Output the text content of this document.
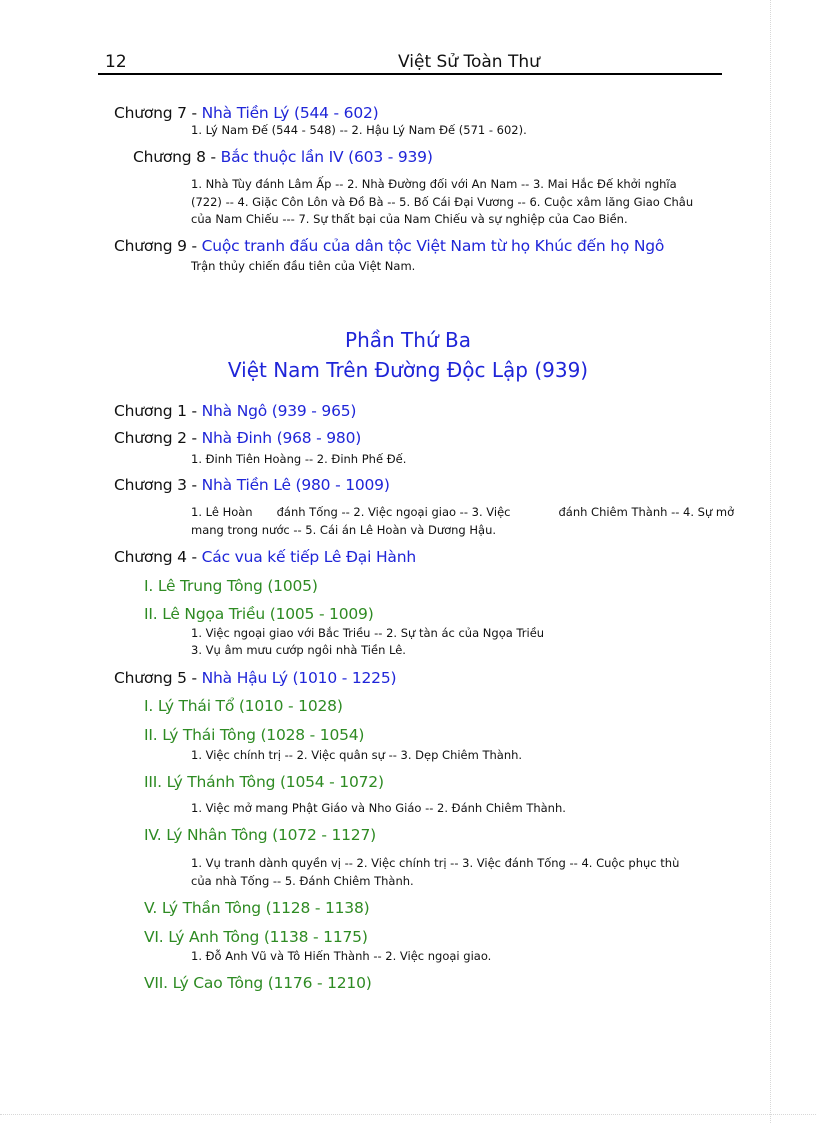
12	Việt Sử Toàn Thư
Chương 7 - Nhà Tiền Lý (544 - 602)
1. Lý Nam Đế (544 - 548) -- 2. Hậu Lý Nam Đế (571 - 602).
Chương 8 - Bắc thuộc lần IV (603 - 939)
1. Nhà Tùy đánh Lâm Ấp -- 2. Nhà Đường đối với An Nam -- 3. Mai Hắc Đế khởi nghĩa
(722) -- 4. Giặc Côn Lôn và Đồ Bà -- 5. Bố Cái Đại Vương -- 6. Cuộc xâm lăng Giao Châu
của Nam Chiếu --- 7. Sự thất bại của Nam Chiếu và sự nghiệp của Cao Biền.
Chương 9 - Cuộc tranh đấu của dân tộc Việt Nam từ họ Khúc đến họ Ngô
Trận thủy chiến đầu tiên của Việt Nam.
Phần Thứ Ba
Việt Nam Trên Đường Độc Lập (939)
Chương 1 - Nhà Ngô (939 - 965)
Chương 2 - Nhà Đinh (968 - 980)
1. Đinh Tiên Hoàng -- 2. Đinh Phế Đế.
Chương 3 - Nhà Tiền Lê (980 - 1009)
1. Lê Hoàn đánh Tống -- 2. Việc ngoại giao -- 3. Việc	đánh Chiêm Thành -- 4. Sự mở
mang trong nước -- 5. Cái án Lê Hoàn và Dương Hậu.
Chương 4 - Các vua kế tiếp Lê Đại Hành
I. Lê Trung Tông (1005)
II. Lê Ngọa Triều (1005 - 1009)
1. Việc ngoại giao với Bắc Triều -- 2. Sự tàn ác của Ngọa Triều
3. Vụ âm mưu cướp ngôi nhà Tiền Lê.
Chương 5 - Nhà Hậu Lý (1010 - 1225)
I. Lý Thái Tổ (1010 - 1028)
II. Lý Thái Tông (1028 - 1054)
1. Việc chính trị -- 2. Việc quân sự -- 3. Dẹp Chiêm Thành.
III. Lý Thánh Tông (1054 - 1072)
1. Việc mở mang Phật Giáo và Nho Giáo -- 2. Đánh Chiêm Thành.
IV. Lý Nhân Tông (1072 - 1127)
1. Vụ tranh dành quyền vị -- 2. Việc chính trị -- 3. Việc đánh Tống -- 4. Cuộc phục thù
của nhà Tống -- 5. Đánh Chiêm Thành.
V. Lý Thần Tông (1128 - 1138)
VI. Lý Anh Tông (1138 - 1175)
1. Đỗ Anh Vũ và Tô Hiến Thành -- 2. Việc ngoại giao.
VII. Lý Cao Tông (1176 - 1210)
